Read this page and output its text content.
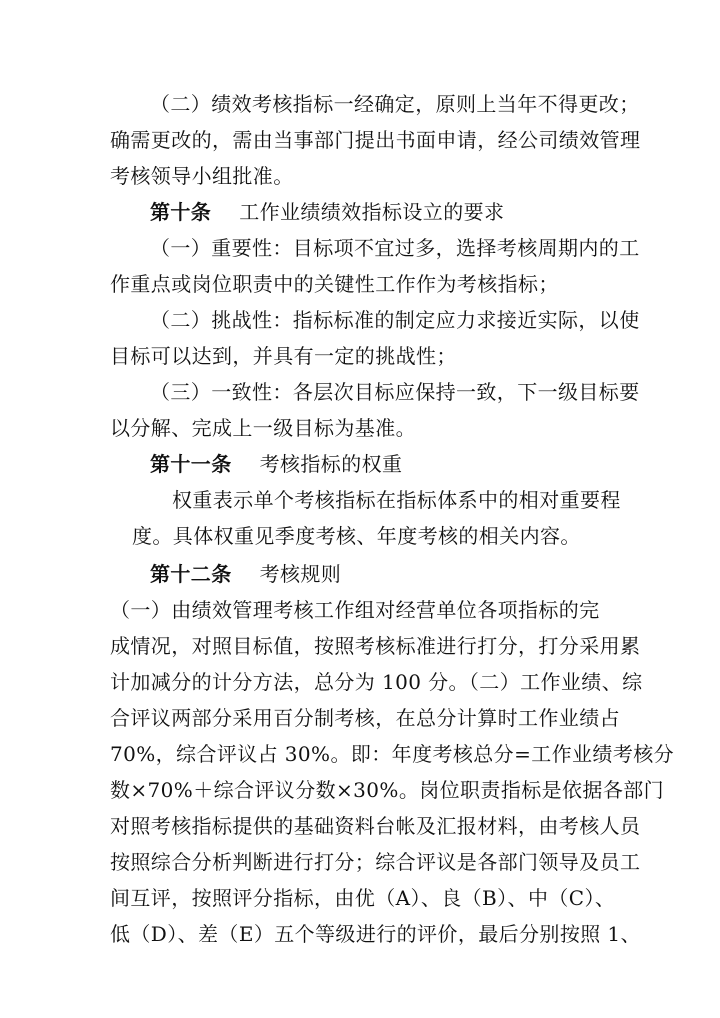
（二）绩效考核指标一经确定，原则上当年不得更改；
确需更改的，需由当事部门提出书面申请，经公司绩效管理
考核领导小组批准。
第十条 工作业绩绩效指标设立的要求
（一）重要性：目标项不宜过多，选择考核周期内的工
作重点或岗位职责中的关键性工作作为考核指标；
（二）挑战性：指标标准的制定应力求接近实际，以使
目标可以达到，并具有一定的挑战性；
（三）一致性：各层次目标应保持一致，下一级目标要
以分解、完成上一级目标为基准。
第十一条 考核指标的权重
权重表示单个考核指标在指标体系中的相对重要程
度。具体权重见季度考核、年度考核的相关内容。
第十二条 考核规则
（一）由绩效管理考核工作组对经营单位各项指标的完
成情况，对照目标值，按照考核标准进行打分，打分采用累
计加减分的计分方法，总分为 100 分。（二）工作业绩、综
合评议两部分采用百分制考核，在总分计算时工作业绩占
70%，综合评议占 30%。即：年度考核总分=工作业绩考核分
数×70%＋综合评议分数×30%。岗位职责指标是依据各部门
对照考核指标提供的基础资料台帐及汇报材料，由考核人员
按照综合分析判断进行打分；综合评议是各部门领导及员工
间互评，按照评分指标，由优（A）、良（B）、中（C）、
低（D）、差（E）五个等级进行的评价，最后分别按照 1、
